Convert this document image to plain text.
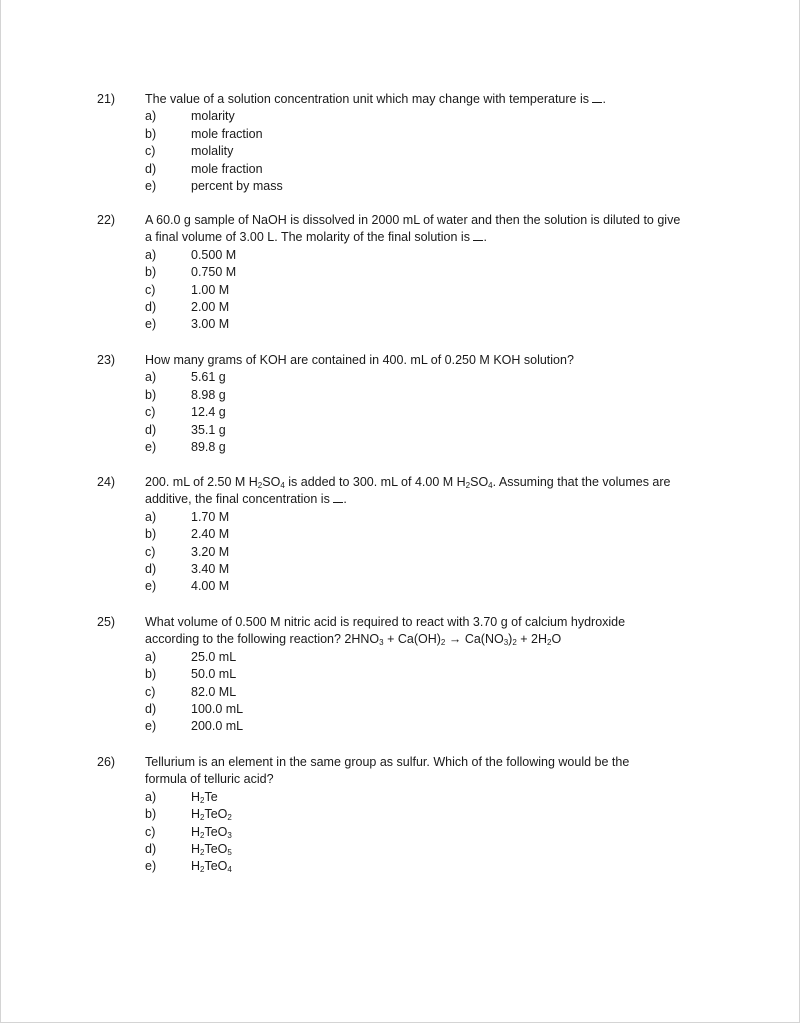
21) The value of a solution concentration unit which may change with temperature is .
a)	molarity
b)	mole fraction
c)	molality
d)	mole fraction
e)	percent by mass
22) A 60.0 g sample of NaOH is dissolved in 2000 mL of water and then the solution is diluted to give
a final volume of 3.00 L. The molarity of the final solution is .
a)	0.500 M
b)	0.750 M
c)	1.00 M
d)	2.00 M
e)	3.00 M
23) How many grams of KOH are contained in 400. mL of 0.250 M KOH solution?
a)	5.61 g
b)	8.98 g
c)	12.4 g
d)	35.1 g
e)	89.8 g
24) 200. mL of 2.50 M $H_2SO_4$ is added to 300. mL of 4.00 M $H_2SO_4$. Assuming that the volumes are
additive, the final concentration is .
a)	1.70 M
b)	2.40 M
c)	3.20 M
d)	3.40 M
e)	4.00 M
25) What volume of 0.500 M nitric acid is required to react with 3.70 g of calcium hydroxide
according to the following reaction? $2HNO_3 + Ca(OH)_2 \to Ca(NO_3)_2 + 2H_2O$
a)	25.0 mL
b)	50.0 mL
c)	82.0 ML
d)	100.0 mL
e)	200.0 mL
26) Tellurium is an element in the same group as sulfur. Which of the following would be the
formula of telluric acid?
a)	$H_2Te$
b)	$H_2TeO_2$
c)	$H_2TeO_3$
d)	$H_2TeO_5$
e)	$H_2TeO_4$
